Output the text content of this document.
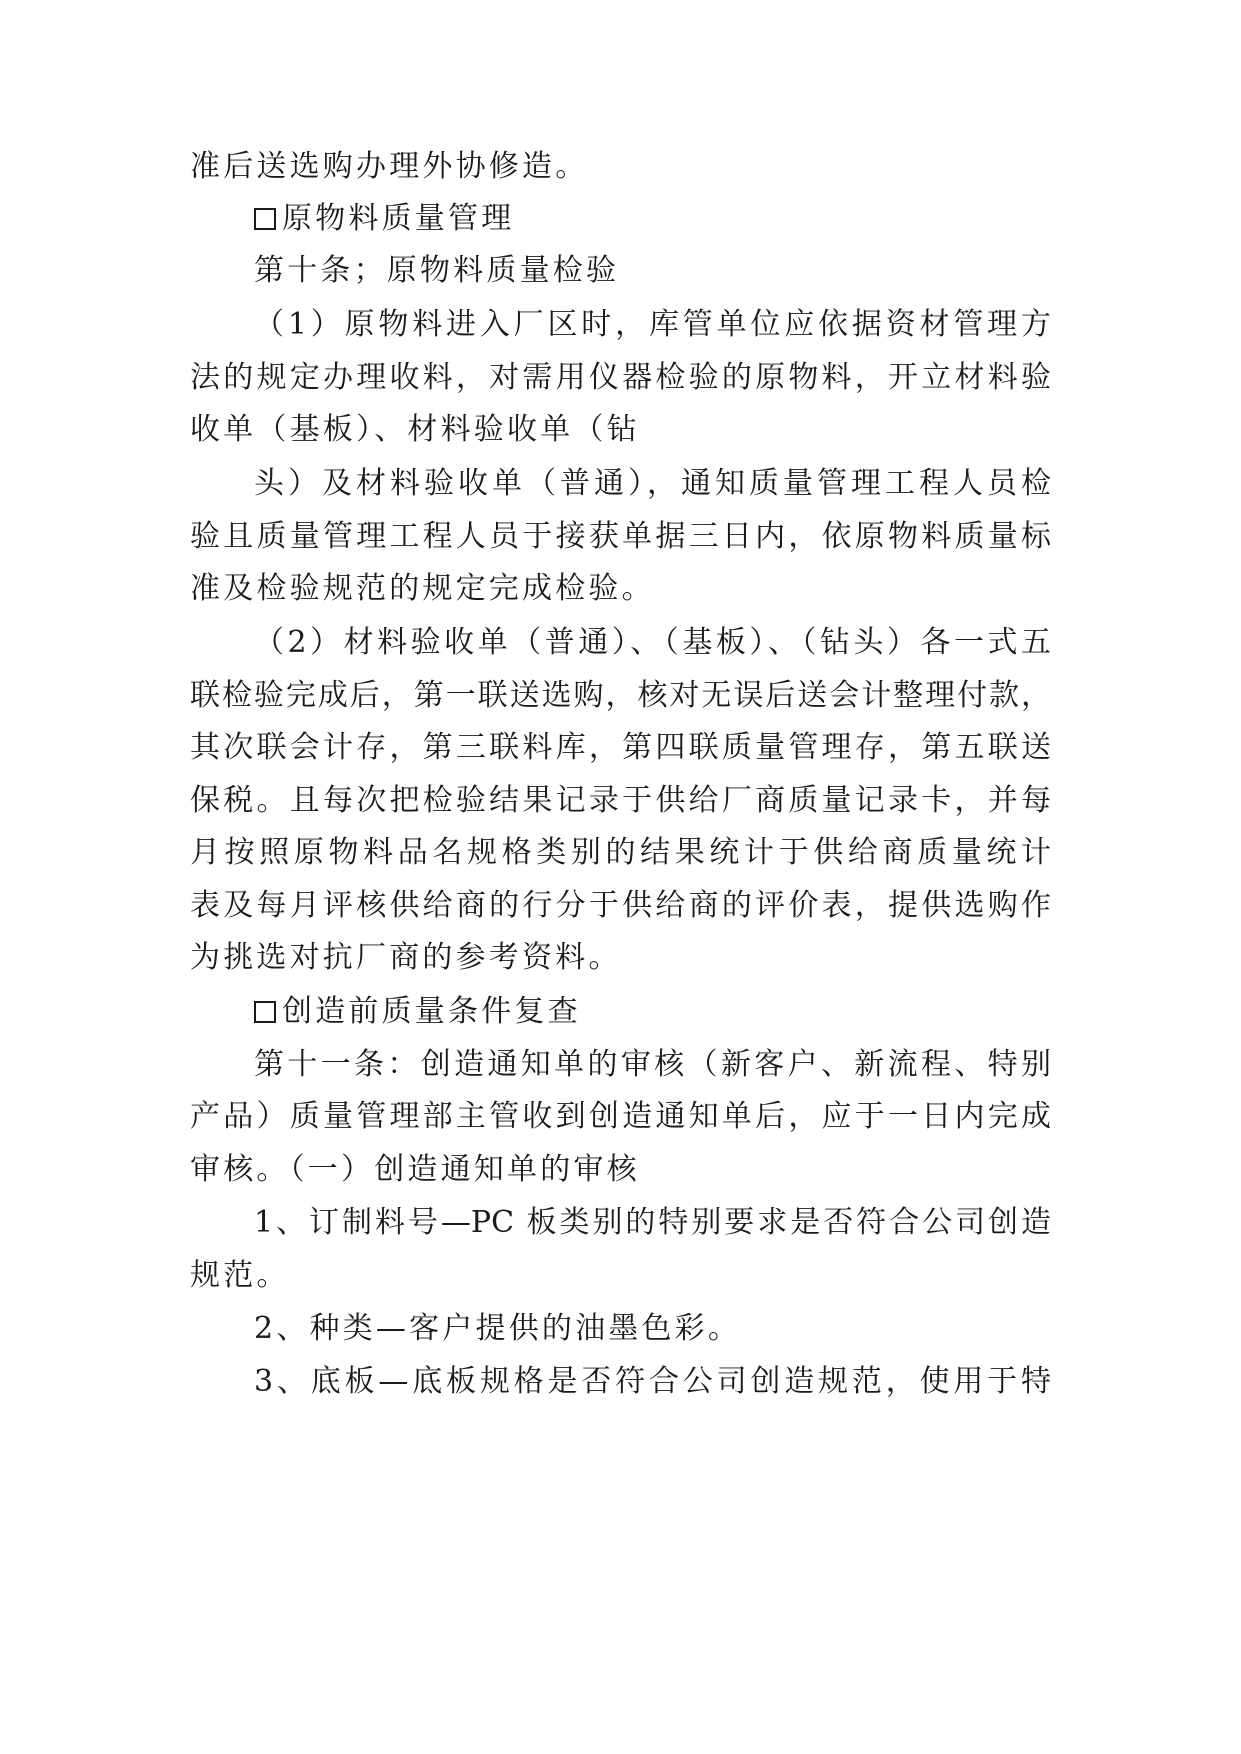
准后送选购办理外协修造。
原物料质量管理
第十条；原物料质量检验
（1）原物料进入厂区时，库管单位应依据资材管理方
法的规定办理收料，对需用仪器检验的原物料，开立材料验
收单（基板）、材料验收单（钻
头）及材料验收单（普通），通知质量管理工程人员检
验且质量管理工程人员于接获单据三日内，依原物料质量标
准及检验规范的规定完成检验。
（2）材料验收单（普通）、（基板）、（钻头）各一式五
联检验完成后，第一联送选购，核对无误后送会计整理付款，
其次联会计存，第三联料库，第四联质量管理存，第五联送
保税。且每次把检验结果记录于供给厂商质量记录卡，并每
月按照原物料品名规格类别的结果统计于供给商质量统计
表及每月评核供给商的行分于供给商的评价表，提供选购作
为挑选对抗厂商的参考资料。
创造前质量条件复查
第十一条：创造通知单的审核（新客户、新流程、特别
产品）质量管理部主管收到创造通知单后，应于一日内完成
审核。（一）创造通知单的审核
1、订制料号—PC 板类别的特别要求是否符合公司创造
规范。
2、种类—客户提供的油墨色彩。
3、底板—底板规格是否符合公司创造规范，使用于特
